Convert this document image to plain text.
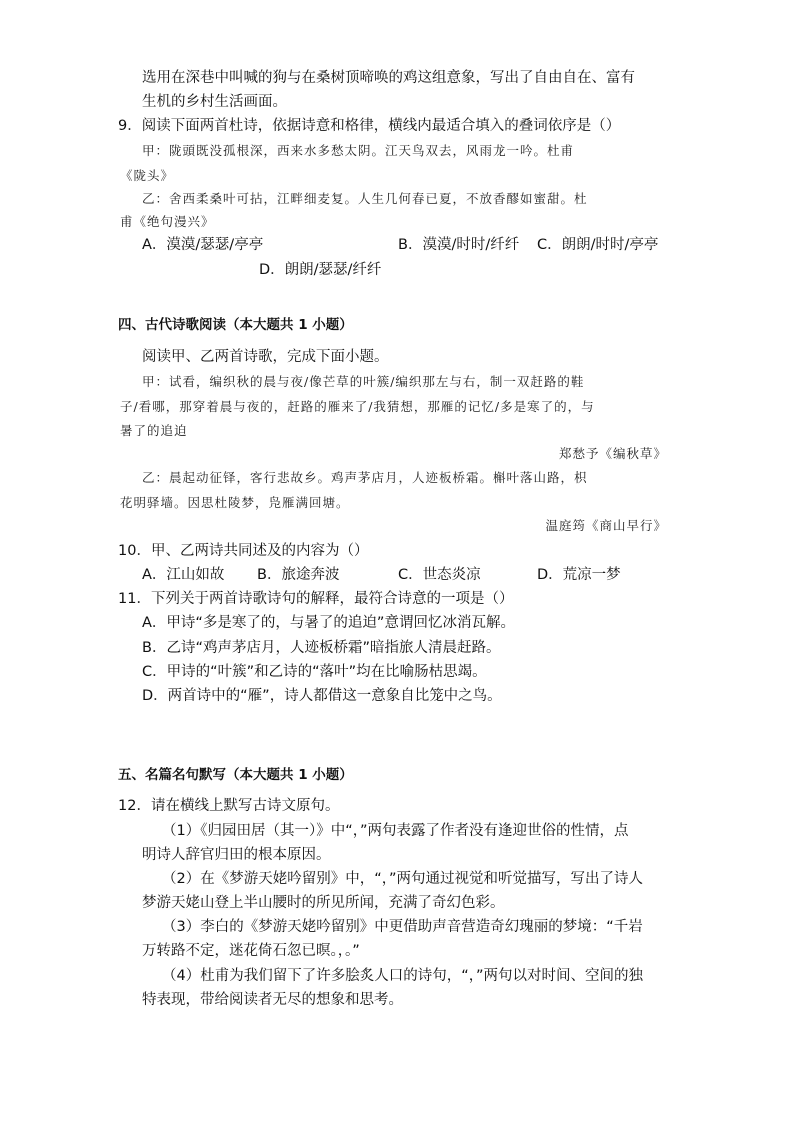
选用在深巷中叫喊的狗与在桑树顶啼唤的鸡这组意象，写出了自由自在、富有
生机的乡村生活画面。
9．阅读下面两首杜诗，依据诗意和格律，横线内最适合填入的叠词依序是（）
甲：陇頭既没孤根深，西来水多愁太阴。江天鸟双去，风雨龙一吟。杜甫
《陇头》
乙：舍西柔桑叶可拈，江畔细麦复。人生几何春已夏，不放香醪如蜜甜。杜
甫《绝句漫兴》
A．漠漠/瑟瑟/亭亭	B．漠漠/时时/纤纤 C．朗朗/时时/亭亭
D．朗朗/瑟瑟/纤纤
四、古代诗歌阅读（本大题共 1 小题）
阅读甲、乙两首诗歌，完成下面小题。
甲：试看，编织秋的晨与夜/像芒草的叶簇/编织那左与右，制一双赶路的鞋
子/看哪，那穿着晨与夜的，赶路的雁来了/我猜想，那雁的记忆/多是寒了的，与
暑了的追迫
郑愁予《编秋草》
乙：晨起动征铎，客行悲故乡。鸡声茅店月，人迹板桥霜。槲叶落山路，枳
花明驿墙。因思杜陵梦，凫雁满回塘。
温庭筠《商山早行》
10．甲、乙两诗共同述及的内容为（）
A．江山如故 B．旅途奔波	C．世态炎凉	D．荒凉一梦
11．下列关于两首诗歌诗句的解释，最符合诗意的一项是（）
A．甲诗“多是寒了的，与暑了的追迫”意谓回忆冰消瓦解。
B．乙诗“鸡声茅店月，人迹板桥霜”暗指旅人清晨赶路。
C．甲诗的“叶簇”和乙诗的“落叶”均在比喻肠枯思竭。
D．两首诗中的“雁”，诗人都借这一意象自比笼中之鸟。
五、名篇名句默写（本大题共 1 小题）
12．请在横线上默写古诗文原句。
（1）《归园田居（其一）》中“，”两句表露了作者没有逢迎世俗的性情，点
明诗人辞官归田的根本原因。
（2）在《梦游天姥吟留别》中，“，”两句通过视觉和听觉描写，写出了诗人
梦游天姥山登上半山腰时的所见所闻，充满了奇幻色彩。
（3）李白的《梦游天姥吟留别》中更借助声音营造奇幻瑰丽的梦境：“千岩
万转路不定，迷花倚石忽已暝。，。”
（4）杜甫为我们留下了许多脍炙人口的诗句，“，”两句以对时间、空间的独
特表现，带给阅读者无尽的想象和思考。
